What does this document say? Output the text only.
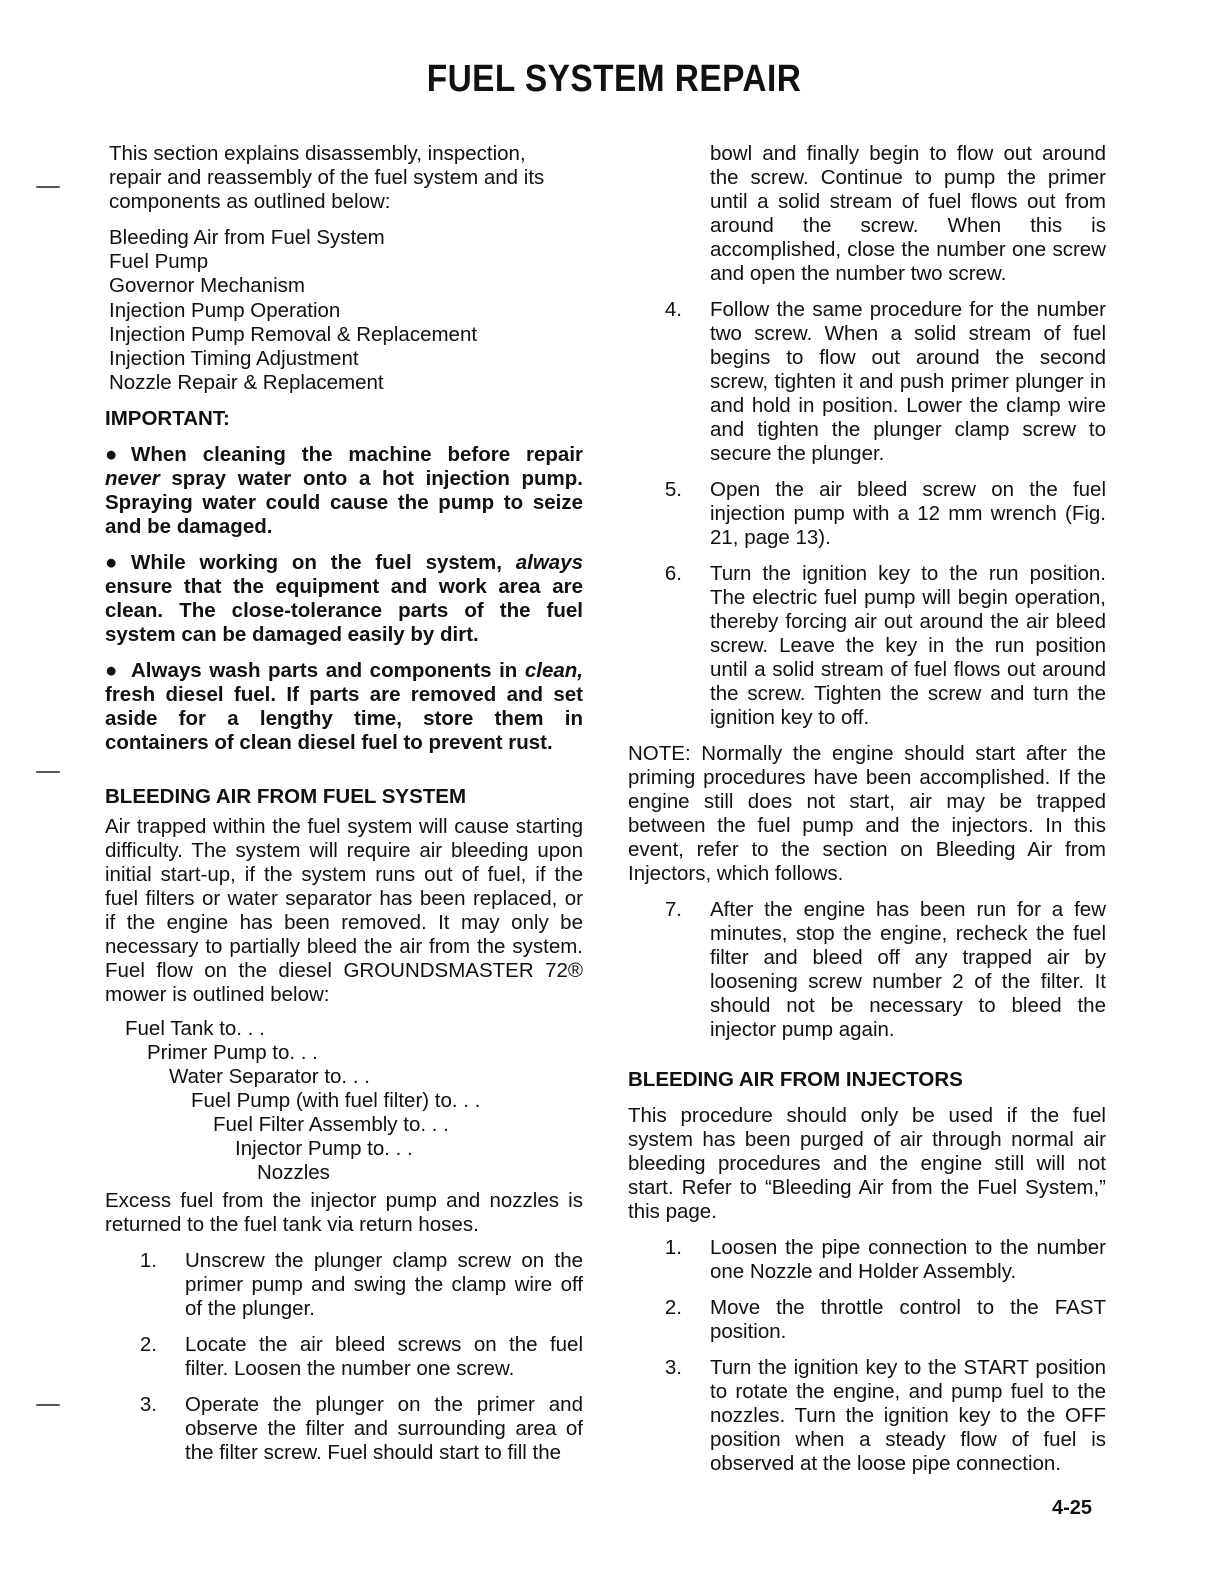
FUEL SYSTEM REPAIR

This section explains disassembly, inspection, repair and reassembly of the fuel system and its components as outlined below:

Bleeding Air from Fuel System
Fuel Pump
Governor Mechanism
Injection Pump Operation
Injection Pump Removal & Replacement
Injection Timing Adjustment
Nozzle Repair & Replacement

IMPORTANT:

● When cleaning the machine before repair never spray water onto a hot injection pump. Spraying water could cause the pump to seize and be damaged.

● While working on the fuel system, always ensure that the equipment and work area are clean. The close-tolerance parts of the fuel system can be damaged easily by dirt.

● Always wash parts and components in clean, fresh diesel fuel. If parts are removed and set aside for a lengthy time, store them in containers of clean diesel fuel to prevent rust.

BLEEDING AIR FROM FUEL SYSTEM

Air trapped within the fuel system will cause starting difficulty. The system will require air bleeding upon initial start-up, if the system runs out of fuel, if the fuel filters or water separator has been replaced, or if the engine has been removed. It may only be necessary to partially bleed the air from the system. Fuel flow on the diesel GROUNDSMASTER 72® mower is outlined below:

Fuel Tank to. . .
Primer Pump to. . .
Water Separator to. . .
Fuel Pump (with fuel filter) to. . .
Fuel Filter Assembly to. . .
Injector Pump to. . .
Nozzles

Excess fuel from the injector pump and nozzles is returned to the fuel tank via return hoses.

1.	Unscrew the plunger clamp screw on the primer pump and swing the clamp wire off of the plunger.
2.	Locate the air bleed screws on the fuel filter. Loosen the number one screw.
3.	Operate the plunger on the primer and observe the filter and surrounding area of the filter screw. Fuel should start to fill the
bowl and finally begin to flow out around the screw. Continue to pump the primer until a solid stream of fuel flows out from around the screw. When this is accomplished, close the number one screw and open the number two screw.
4.	Follow the same procedure for the number two screw. When a solid stream of fuel begins to flow out around the second screw, tighten it and push primer plunger in and hold in position. Lower the clamp wire and tighten the plunger clamp screw to secure the plunger.
5.	Open the air bleed screw on the fuel injection pump with a 12 mm wrench (Fig. 21, page 13).
6.	Turn the ignition key to the run position. The electric fuel pump will begin operation, thereby forcing air out around the air bleed screw. Leave the key in the run position until a solid stream of fuel flows out around the screw. Tighten the screw and turn the ignition key to off.

NOTE: Normally the engine should start after the priming procedures have been accomplished. If the engine still does not start, air may be trapped between the fuel pump and the injectors. In this event, refer to the section on Bleeding Air from Injectors, which follows.

7.	After the engine has been run for a few minutes, stop the engine, recheck the fuel filter and bleed off any trapped air by loosening screw number 2 of the filter. It should not be necessary to bleed the injector pump again.

BLEEDING AIR FROM INJECTORS

This procedure should only be used if the fuel system has been purged of air through normal air bleeding procedures and the engine still will not start. Refer to “Bleeding Air from the Fuel System,” this page.

1.	Loosen the pipe connection to the number one Nozzle and Holder Assembly.
2.	Move the throttle control to the FAST position.
3.	Turn the ignition key to the START position to rotate the engine, and pump fuel to the nozzles. Turn the ignition key to the OFF position when a steady flow of fuel is observed at the loose pipe connection.
4-25
